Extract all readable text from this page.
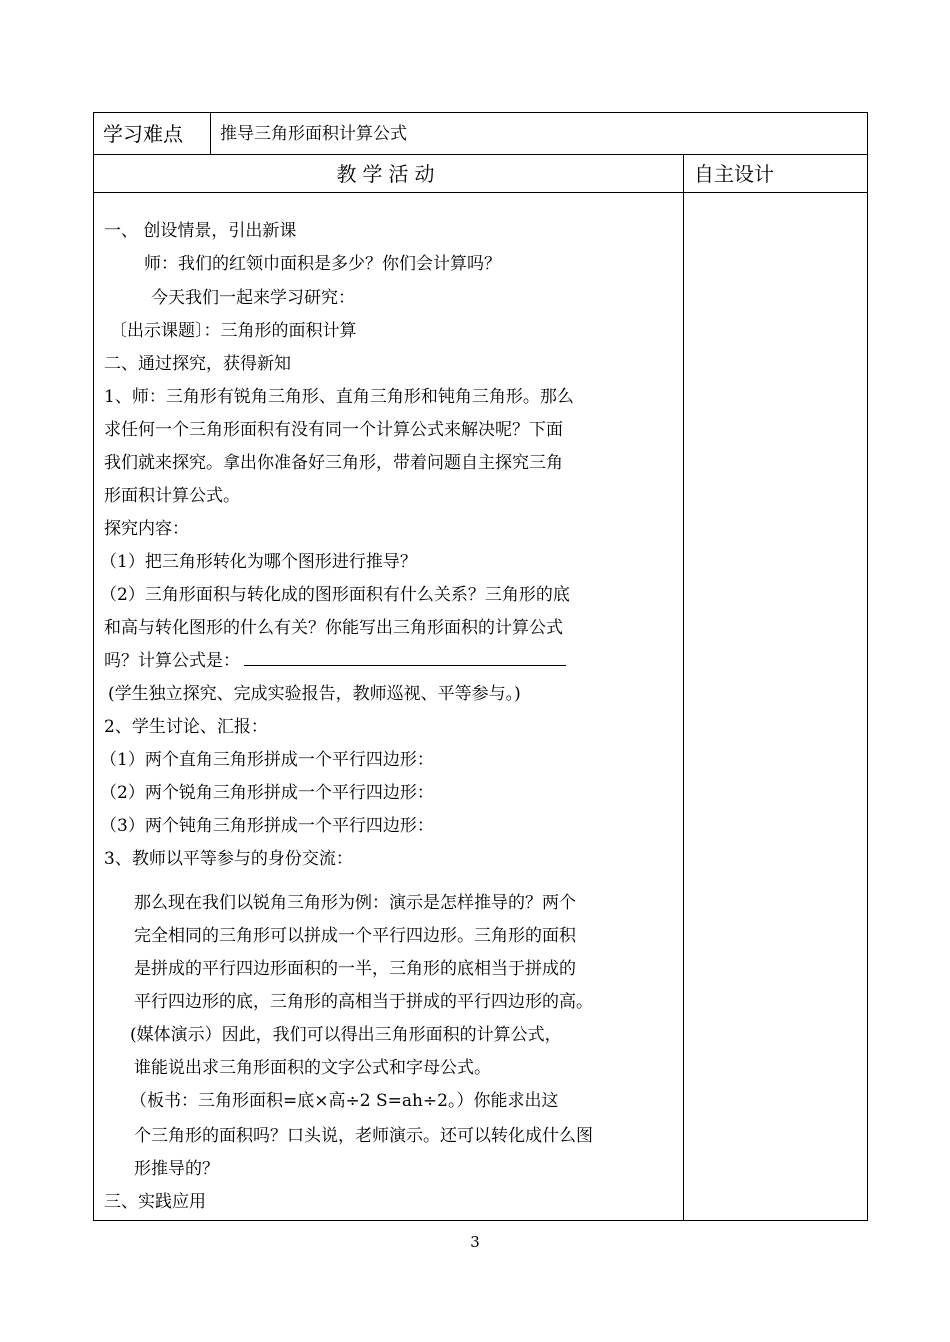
学习难点	推导三角形面积计算公式
教学活动	自主设计
一、 创设情景，引出新课
师：我们的红领巾面积是多少？你们会计算吗？
今天我们一起来学习研究：
〔出示课题〕：三角形的面积计算
二、通过探究，获得新知
1、师：三角形有锐角三角形、直角三角形和钝角三角形。那么
求任何一个三角形面积有没有同一个计算公式来解决呢？下面
我们就来探究。拿出你准备好三角形，带着问题自主探究三角
形面积计算公式。
探究内容：
（1）把三角形转化为哪个图形进行推导？
（2）三角形面积与转化成的图形面积有什么关系？三角形的底
和高与转化图形的什么有关？你能写出三角形面积的计算公式
吗？计算公式是：
(学生独立探究、完成实验报告，教师巡视、平等参与。)
2、学生讨论、汇报：
（1）两个直角三角形拼成一个平行四边形：
（2）两个锐角三角形拼成一个平行四边形：
（3）两个钝角三角形拼成一个平行四边形：
3、教师以平等参与的身份交流：
那么现在我们以锐角三角形为例：演示是怎样推导的？两个
完全相同的三角形可以拼成一个平行四边形。三角形的面积
是拼成的平行四边形面积的一半，三角形的底相当于拼成的
平行四边形的底，三角形的高相当于拼成的平行四边形的高。
(媒体演示）因此，我们可以得出三角形面积的计算公式，
谁能说出求三角形面积的文字公式和字母公式。
（板书：三角形面积=底×高÷2 S=ah÷2。）你能求出这
个三角形的面积吗？口头说，老师演示。还可以转化成什么图
形推导的？
三、实践应用
3
